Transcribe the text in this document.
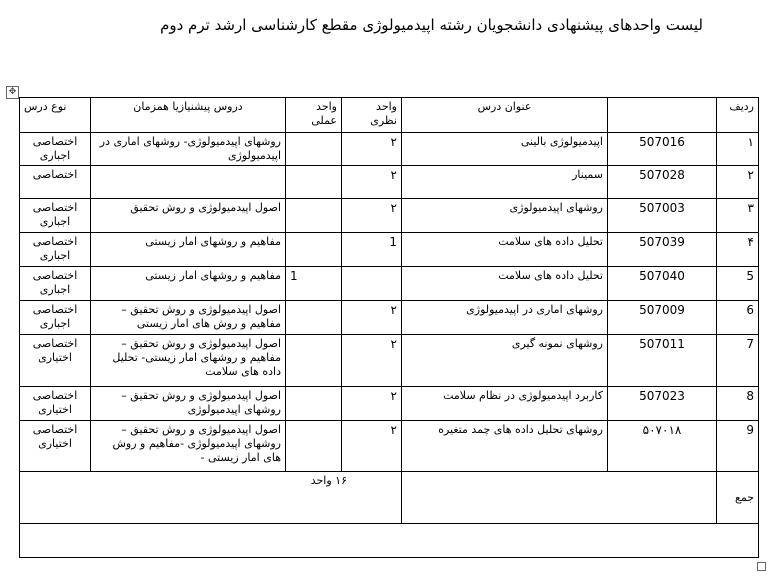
لیست واحدهای پیشنهادی دانشجویان رشته اپیدمیولوژی مقطع کارشناسی ارشد ترم دوم
✥
ردیف		عنوان درس	واحد نظری	واحد عملی	دروس پیشنیازیا همزمان	نوع درس
۱	507016	اپیدمیولوژی بالینی	۲		روشهای اپیدمیولوژی- روشهای اماری در اپیدمیولوژی	اختصاصی اجباری
۲	507028	سمینار	۲			اختصاصی
۳	507003	روشهای اپیدمیولوژی	۲		اصول اپیدمیولوژی و روش تحقیق	اختصاصی اجباری
۴	507039	تحلیل داده های سلامت	1		مفاهیم و روشهای امار زیستی	اختصاصی اجباری
5	507040	تحلیل داده های سلامت		1	مفاهیم و روشهای امار زیستی	اختصاصی اجباری
6	507009	روشهای اماری در اپیدمیولوژی	۲		اصول اپیدمیولوژی و روش تحقیق – مفاهیم و روش های امار زیستی	اختصاصی اجباری
7	507011	روشهای نمونه گیری	۲		اصول اپیدمیولوژی و روش تحقیق – مفاهیم و روشهای امار زیستی- تحلیل داده های سلامت	اختصاصی اختیاری
8	507023	کاربرد اپیدمیولوژی در نظام سلامت	۲		اصول اپیدمیولوژی و روش تحقیق – روشهای اپیدمیولوژی	اختصاصی اختیاری
9	۵۰۷۰۱۸	روشهای تحلیل داده های چمد متغیره	۲		اصول اپیدمیولوژی و روش تحقیق – روشهای اپیدمیولوژی -مفاهیم و روش های امار زیستی -	اختصاصی اختیاری
جمع			۱۶ واحد			
